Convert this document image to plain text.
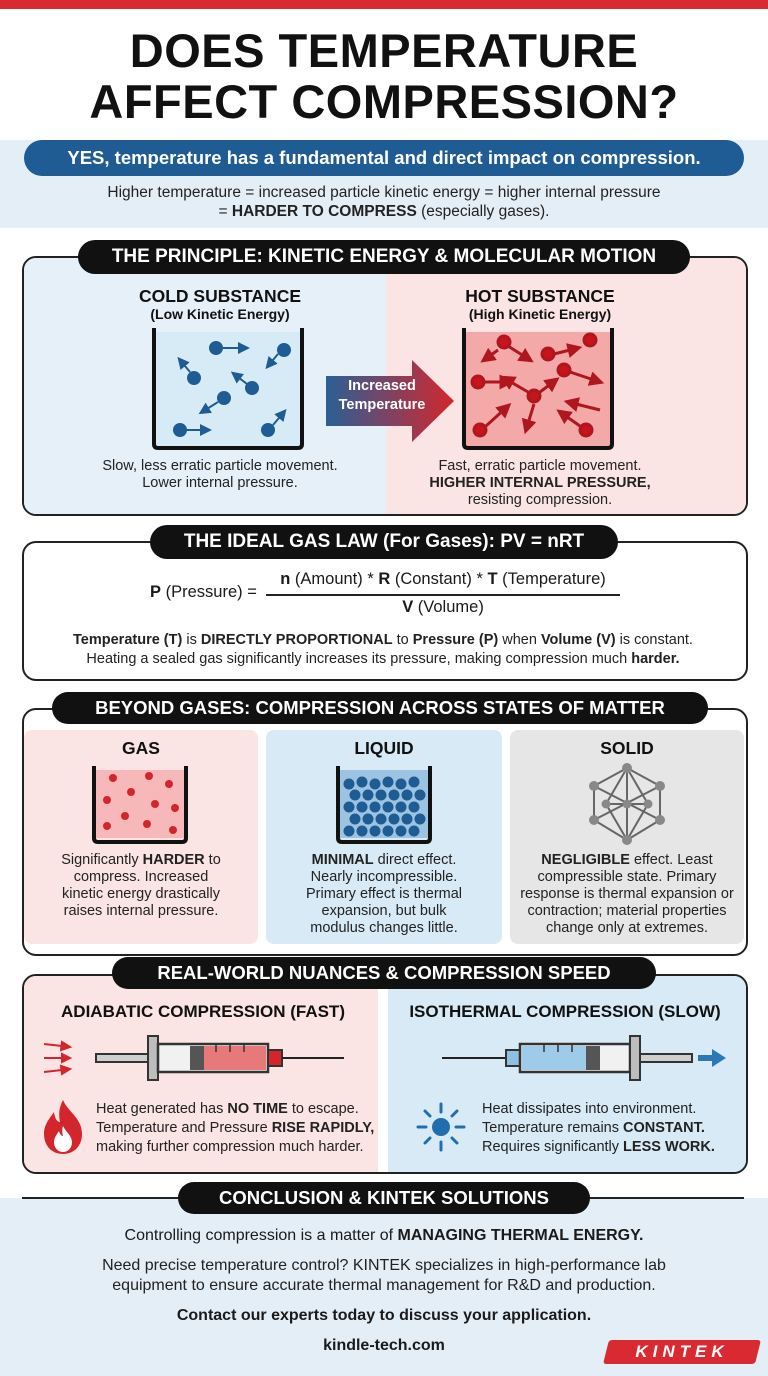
DOES TEMPERATURE
AFFECT COMPRESSION?
YES, temperature has a fundamental and direct impact on compression.
Higher temperature = increased particle kinetic energy = higher internal pressure
= HARDER TO COMPRESS (especially gases).
THE PRINCIPLE: KINETIC ENERGY & MOLECULAR MOTION
COLD SUBSTANCE
(Low Kinetic Energy)
Slow, less erratic particle movement.
Lower internal pressure.
Increased
Temperature
HOT SUBSTANCE
(High Kinetic Energy)
Fast, erratic particle movement.
HIGHER INTERNAL PRESSURE,
resisting compression.
THE IDEAL GAS LAW (For Gases): PV = nRT
P (Pressure) =
n (Amount) * R (Constant) * T (Temperature)
V (Volume)
Temperature (T) is DIRECTLY PROPORTIONAL to Pressure (P) when Volume (V) is constant.
Heating a sealed gas significantly increases its pressure, making compression much harder.
BEYOND GASES: COMPRESSION ACROSS STATES OF MATTER
GAS
Significantly HARDER to
compress. Increased
kinetic energy drastically
raises internal pressure.
LIQUID
MINIMAL direct effect.
Nearly incompressible.
Primary effect is thermal
expansion, but bulk
modulus changes little.
SOLID
NEGLIGIBLE effect. Least
compressible state. Primary
response is thermal expansion or
contraction; material properties
change only at extremes.
REAL-WORLD NUANCES & COMPRESSION SPEED
ADIABATIC COMPRESSION (FAST)
Heat generated has NO TIME to escape.
Temperature and Pressure RISE RAPIDLY,
making further compression much harder.
ISOTHERMAL COMPRESSION (SLOW)
Heat dissipates into environment.
Temperature remains CONSTANT.
Requires significantly LESS WORK.
CONCLUSION & KINTEK SOLUTIONS
Controlling compression is a matter of MANAGING THERMAL ENERGY.
Need precise temperature control? KINTEK specializes in high-performance lab
equipment to ensure accurate thermal management for R&D and production.
Contact our experts today to discuss your application.
kindle-tech.com	KINTEK
